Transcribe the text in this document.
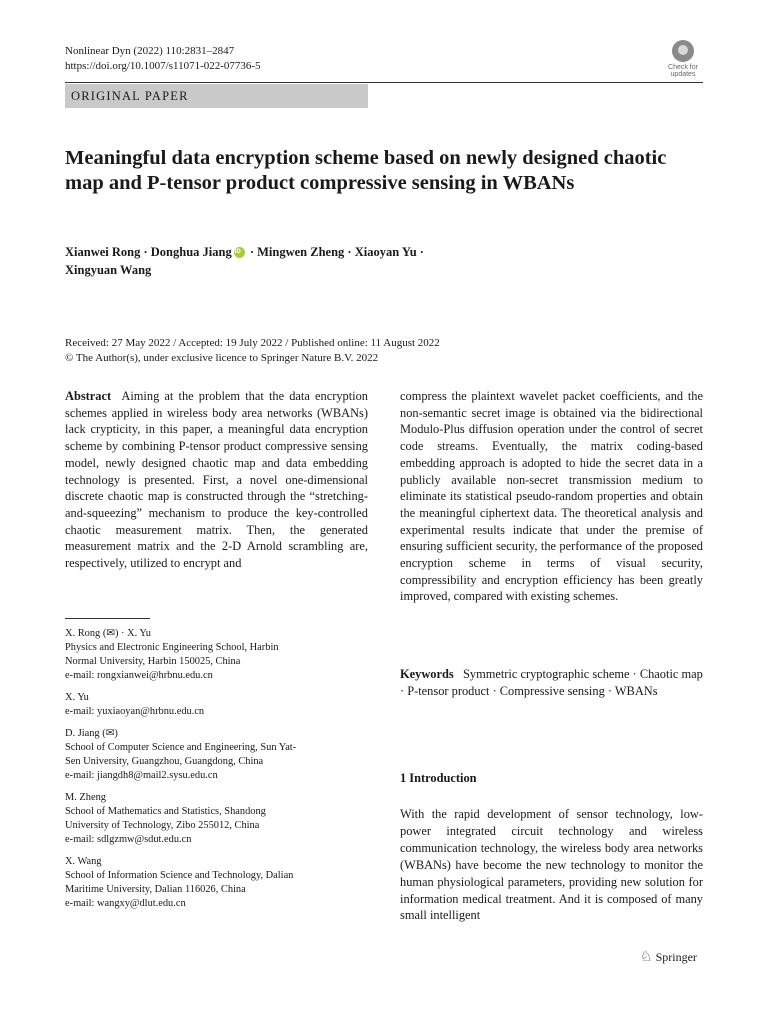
Nonlinear Dyn (2022) 110:2831–2847
https://doi.org/10.1007/s11071-022-07736-5	Check for updates
ORIGINAL PAPER
Meaningful data encryption scheme based on newly designed chaotic map and P-tensor product compressive sensing in WBANs
Xianwei Rong · Donghua JiangiD · Mingwen Zheng · Xiaoyan Yu ·
Xingyuan Wang
Received: 27 May 2022 / Accepted: 19 July 2022 / Published online: 11 August 2022
© The Author(s), under exclusive licence to Springer Nature B.V. 2022

Abstract Aiming at the problem that the data encryption schemes applied in wireless body area networks (WBANs) lack crypticity, in this paper, a meaningful data encryption scheme by combining P-tensor product compressive sensing model, newly designed chaotic map and data embedding technology is presented. First, a novel one-dimensional discrete chaotic map is constructed through the “stretching-and-squeezing” mechanism to produce the key-controlled chaotic measurement matrix. Then, the generated measurement matrix and the 2-D Arnold scrambling are, respectively, utilized to encrypt and

compress the plaintext wavelet packet coefficients, and the non-semantic secret image is obtained via the bidirectional Modulo-Plus diffusion operation under the control of secret code streams. Eventually, the matrix coding-based embedding approach is adopted to hide the secret data in a publicly available non-secret transmission medium to eliminate its statistical pseudo-random properties and obtain the meaningful ciphertext data. The theoretical analysis and experimental results indicate that under the premise of ensuring sufficient security, the performance of the proposed encryption scheme in terms of visual security, compressibility and encryption efficiency has been greatly improved, compared with existing schemes.

X. Rong (✉) · X. Yu
Physics and Electronic Engineering School, Harbin
Normal University, Harbin 150025, China
e-mail: rongxianwei@hrbnu.edu.cn
X. Yu
e-mail: yuxiaoyan@hrbnu.edu.cn
D. Jiang (✉)
School of Computer Science and Engineering, Sun Yat-
Sen University, Guangzhou, Guangdong, China
e-mail: jiangdh8@mail2.sysu.edu.cn
M. Zheng
School of Mathematics and Statistics, Shandong
University of Technology, Zibo 255012, China
e-mail: sdlgzmw@sdut.edu.cn
X. Wang
School of Information Science and Technology, Dalian
Maritime University, Dalian 116026, China
e-mail: wangxy@dlut.edu.cn
Keywords Symmetric cryptographic scheme · Chaotic map · P-tensor product · Compressive sensing · WBANs
1 Introduction
With the rapid development of sensor technology, low-power integrated circuit technology and wireless communication technology, the wireless body area networks (WBANs) have become the new technology to monitor the human physiological parameters, providing new solution for information medical treatment. And it is composed of many small intelligent
♘ Springer
